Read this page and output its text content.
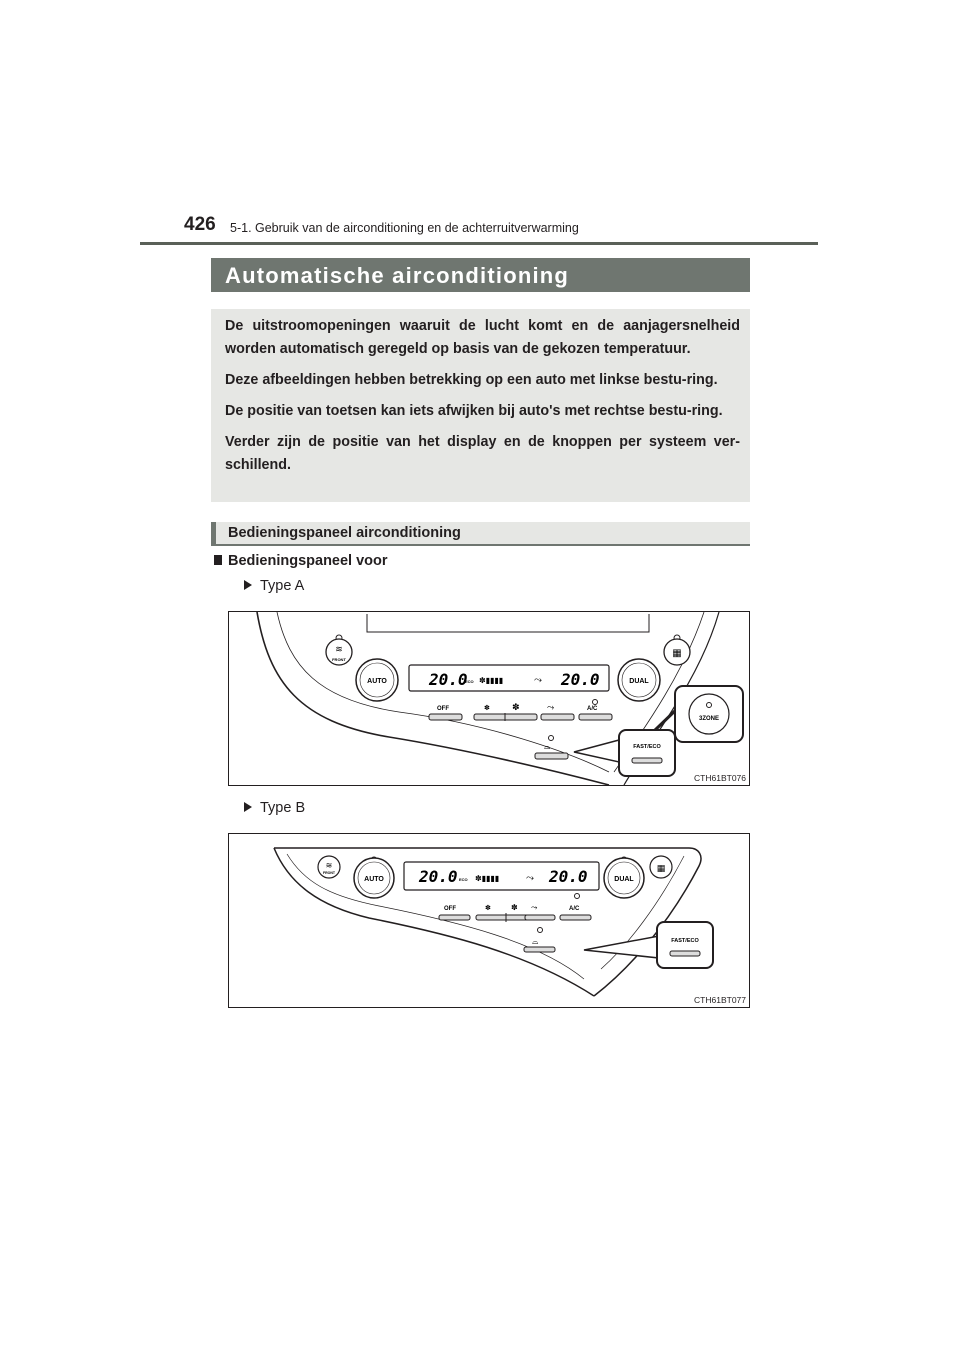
426 5-1. Gebruik van de airconditioning en de achterruitverwarming
Automatische airconditioning

De uitstroomopeningen waaruit de lucht komt en de aanjagersnelheid worden automatisch geregeld op basis van de gekozen temperatuur.

Deze afbeeldingen hebben betrekking op een auto met linkse bestu-ring.

De positie van toetsen kan iets afwijken bij auto's met rechtse bestu-ring.

Verder zijn de positie van het display en de knoppen per systeem ver-schillend.

Bedieningspaneel airconditioning
Bedieningspaneel voor
Type A
≋
FRONT
▦
AUTO	DUAL
20.0
ECO ✽▮▮▮▮	⤳ 20.0
OFF	✽ ✽	⤳	A/C
⌓
3ZONE
FAST/ECO
CTH61BT076
Type B
≋
FRONT	▦
AUTO	DUAL
20.0 ECO ✽▮▮▮▮	⤳ 20.0
OFF	✽	✽ ⤳	A/C
⌓	FAST/ECO
CTH61BT077
